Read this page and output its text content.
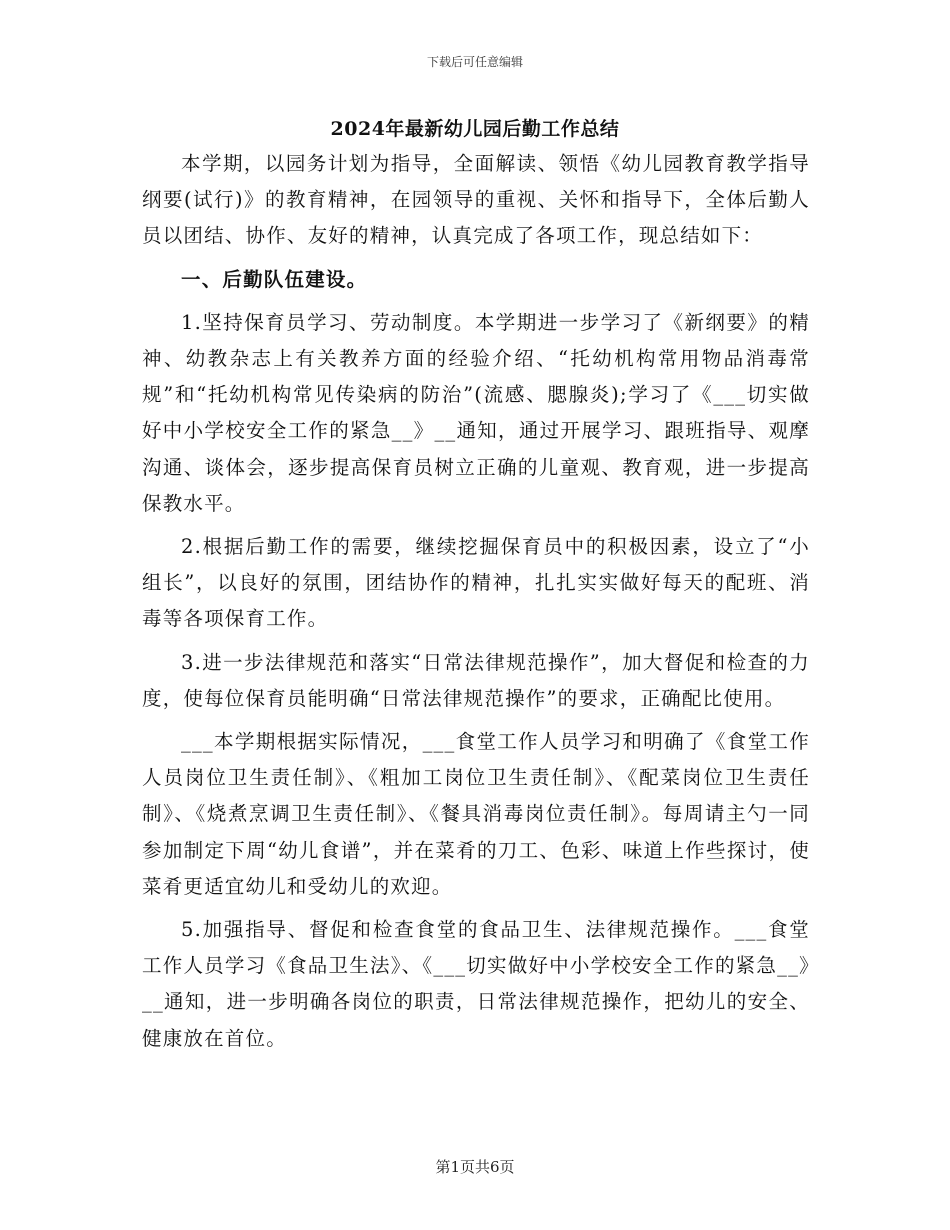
下载后可任意编辑
2024年最新幼儿园后勤工作总结

本学期，以园务计划为指导，全面解读、领悟《幼儿园教育教学指导纲要(试行)》的教育精神，在园领导的重视、关怀和指导下，全体后勤人员以团结、协作、友好的精神，认真完成了各项工作，现总结如下：

一、后勤队伍建设。

1.坚持保育员学习、劳动制度。本学期进一步学习了《新纲要》的精神、幼教杂志上有关教养方面的经验介绍、“托幼机构常用物品消毒常规”和“托幼机构常见传染病的防治”(流感、腮腺炎);学习了《___切实做好中小学校安全工作的紧急__》__通知，通过开展学习、跟班指导、观摩沟通、谈体会，逐步提高保育员树立正确的儿童观、教育观，进一步提高保教水平。

2.根据后勤工作的需要，继续挖掘保育员中的积极因素，设立了“小组长”，以良好的氛围，团结协作的精神，扎扎实实做好每天的配班、消毒等各项保育工作。

3.进一步法律规范和落实“日常法律规范操作”，加大督促和检查的力度，使每位保育员能明确“日常法律规范操作”的要求，正确配比使用。

___本学期根据实际情况，___食堂工作人员学习和明确了《食堂工作人员岗位卫生责任制》、《粗加工岗位卫生责任制》、《配菜岗位卫生责任制》、《烧煮烹调卫生责任制》、《餐具消毒岗位责任制》。每周请主勺一同参加制定下周“幼儿食谱”，并在菜肴的刀工、色彩、味道上作些探讨，使菜肴更适宜幼儿和受幼儿的欢迎。

5.加强指导、督促和检查食堂的食品卫生、法律规范操作。___食堂工作人员学习《食品卫生法》、《___切实做好中小学校安全工作的紧急__》__通知，进一步明确各岗位的职责，日常法律规范操作，把幼儿的安全、健康放在首位。

第1页共6页
